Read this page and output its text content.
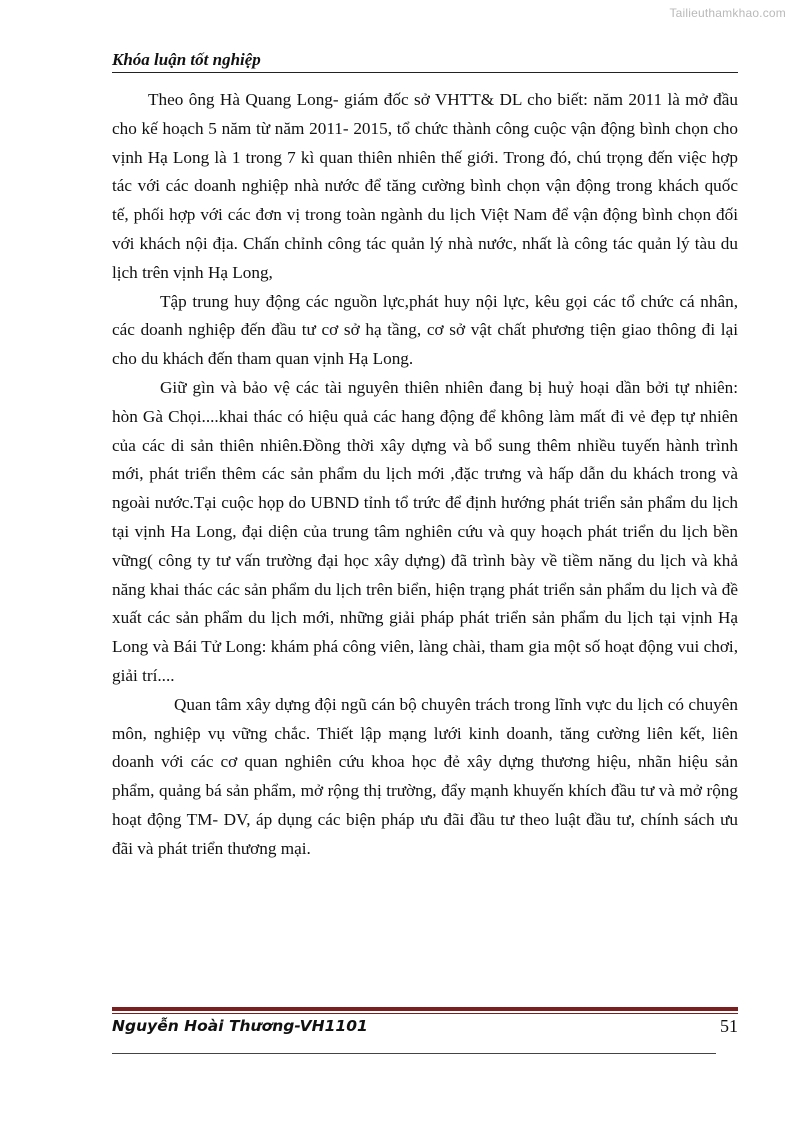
Tailieuthamkhao.com
Khóa luận tốt nghiệp

Theo ông Hà Quang Long- giám đốc sở VHTT& DL cho biết: năm 2011 là mở đầu cho kế hoạch 5 năm từ năm 2011- 2015, tổ chức thành công cuộc vận động bình chọn cho vịnh Hạ Long là 1 trong 7 kì quan thiên nhiên thế giới. Trong đó, chú trọng đến việc hợp tác với các doanh nghiệp nhà nước để tăng cường bình chọn vận động trong khách quốc tế, phối hợp với các đơn vị trong toàn ngành du lịch Việt Nam để vận động bình chọn đối với khách nội địa. Chấn chỉnh công tác quản lý nhà nước, nhất là công tác quản lý tàu du lịch trên vịnh Hạ Long,

Tập trung huy động các nguồn lực,phát huy nội lực, kêu gọi các tổ chức cá nhân, các doanh nghiệp đến đầu tư cơ sở hạ tầng, cơ sở vật chất phương tiện giao thông đi lại cho du khách đến tham quan vịnh Hạ Long.

Giữ gìn và bảo vệ các tài nguyên thiên nhiên đang bị huỷ hoại dần bởi tự nhiên: hòn Gà Chọi....khai thác có hiệu quả các hang động để không làm mất đi vẻ đẹp tự nhiên của các di sản thiên nhiên.Đồng thời xây dựng và bổ sung thêm nhiều tuyến hành trình mới, phát triển thêm các sản phẩm du lịch mới ,đặc trưng và hấp dẫn du khách trong và ngoài nước.Tại cuộc họp do UBND tỉnh tổ trức để định hướng phát triển sản phẩm du lịch tại vịnh Ha Long, đại diện của trung tâm nghiên cứu và quy hoạch phát triển du lịch bền vững( công ty tư vấn trường đại học xây dựng) đã trình bày về tiềm năng du lịch và khả năng khai thác các sản phẩm du lịch trên biển, hiện trạng phát triển sản phẩm du lịch và đề xuất các sản phẩm du lịch mới, những giải pháp phát triển sản phẩm du lịch tại vịnh Hạ Long và Bái Tử Long: khám phá công viên, làng chài, tham gia một số hoạt động vui chơi, giải trí....

Quan tâm xây dựng đội ngũ cán bộ chuyên trách trong lĩnh vực du lịch có chuyên môn, nghiệp vụ vững chắc. Thiết lập mạng lưới kinh doanh, tăng cường liên kết, liên doanh với các cơ quan nghiên cứu khoa học đẻ xây dựng thương hiệu, nhãn hiệu sản phẩm, quảng bá sản phẩm, mở rộng thị trường, đẩy mạnh khuyến khích đầu tư và mở rộng hoạt động TM- DV, áp dụng các biện pháp ưu đãi đầu tư theo luật đầu tư, chính sách ưu đãi và phát triển thương mại.

Nguyễn Hoài Thương-VH1101	51
